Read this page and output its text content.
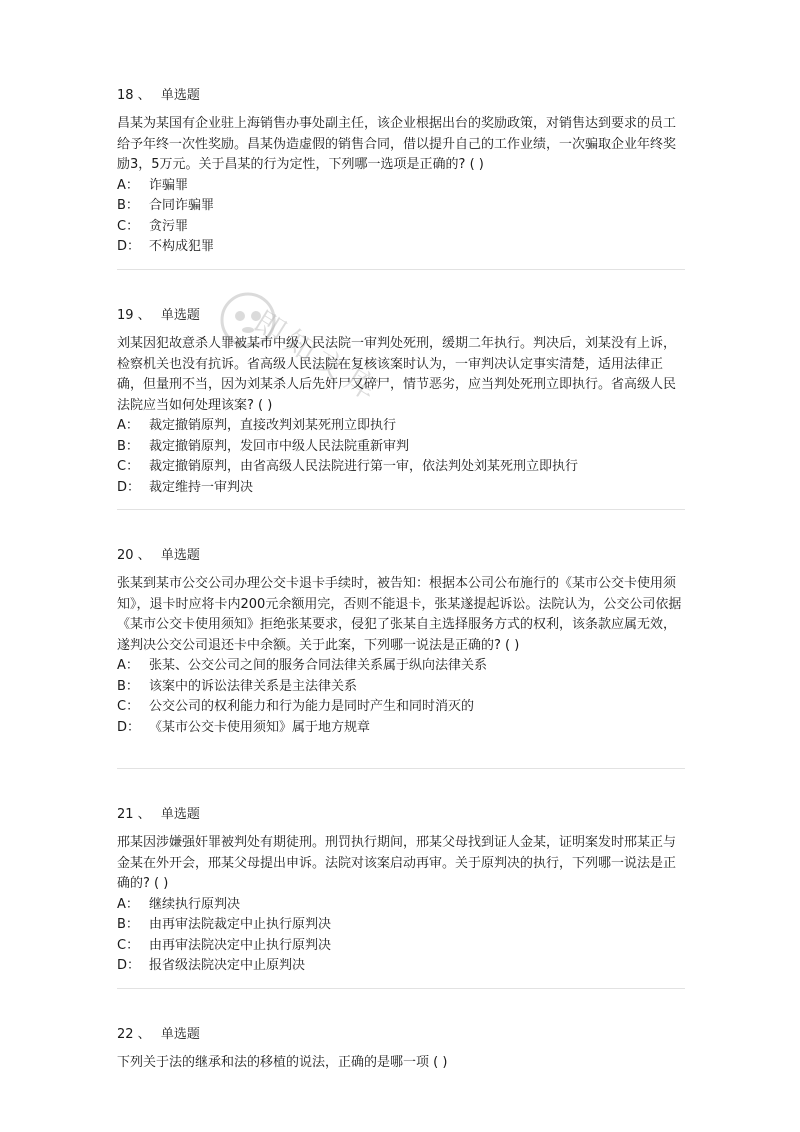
即知文库
18 、 单选题

昌某为某国有企业驻上海销售办事处副主任，该企业根据出台的奖励政策，对销售达到要求的员工给予年终一次性奖励。昌某伪造虚假的销售合同，借以提升自己的工作业绩，一次骗取企业年终奖励3，5万元。关于昌某的行为定性，下列哪一选项是正确的? ( )

A： 诈骗罪

B： 合同诈骗罪

C： 贪污罪

D： 不构成犯罪

19 、 单选题

刘某因犯故意杀人罪被某市中级人民法院一审判处死刑，缓期二年执行。判决后，刘某没有上诉，检察机关也没有抗诉。省高级人民法院在复核该案时认为，一审判决认定事实清楚，适用法律正确，但量刑不当，因为刘某杀人后先奸尸又碎尸，情节恶劣，应当判处死刑立即执行。省高级人民法院应当如何处理该案? ( )

A： 裁定撤销原判，直接改判刘某死刑立即执行

B： 裁定撤销原判，发回市中级人民法院重新审判

C： 裁定撤销原判，由省高级人民法院进行第一审，依法判处刘某死刑立即执行

D： 裁定维持一审判决

20 、 单选题

张某到某市公交公司办理公交卡退卡手续时，被告知：根据本公司公布施行的《某市公交卡使用须知》，退卡时应将卡内200元余额用完，否则不能退卡，张某遂提起诉讼。法院认为，公交公司依据《某市公交卡使用须知》拒绝张某要求，侵犯了张某自主选择服务方式的权利，该条款应属无效，遂判决公交公司退还卡中余额。关于此案，下列哪一说法是正确的? ( )

A： 张某、公交公司之间的服务合同法律关系属于纵向法律关系

B： 该案中的诉讼法律关系是主法律关系

C： 公交公司的权利能力和行为能力是同时产生和同时消灭的

D： 《某市公交卡使用须知》属于地方规章

21 、 单选题

邢某因涉嫌强奸罪被判处有期徒刑。刑罚执行期间，邢某父母找到证人金某，证明案发时邢某正与金某在外开会，邢某父母提出申诉。法院对该案启动再审。关于原判决的执行，下列哪一说法是正确的? ( )

A： 继续执行原判决

B： 由再审法院裁定中止执行原判决

C： 由再审法院决定中止执行原判决

D： 报省级法院决定中止原判决

22 、 单选题

下列关于法的继承和法的移植的说法，正确的是哪一项 ( )
